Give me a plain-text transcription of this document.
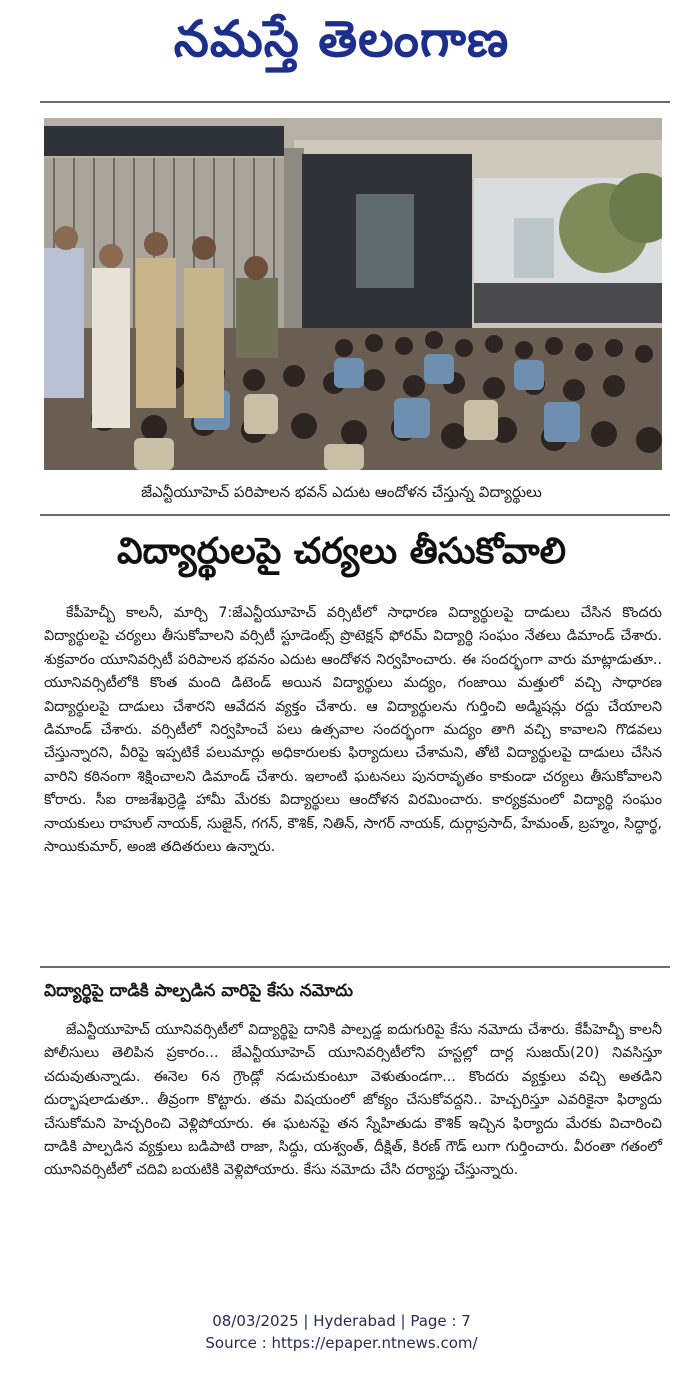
నమస్తే తెలంగాణ
జేఎన్టీయూహెచ్ పరిపాలన భవన్ ఎదుట ఆందోళన చేస్తున్న విద్యార్థులు
విద్యార్థులపై చర్యలు తీసుకోవాలి

కేపీహెచ్బీ కాలనీ, మార్చి 7:జేఎన్టీయూహెచ్ వర్సిటీలో సాధారణ విద్యార్థులపై దాడులు చేసిన కొందరు విద్యార్థులపై చర్యలు తీసుకోవాలని వర్సిటీ స్టూడెంట్స్ ప్రొటెక్షన్ ఫోరమ్ విద్యార్థి సంఘం నేతలు డిమాండ్ చేశారు. శుక్రవారం యూనివర్సిటీ పరిపాలన భవనం ఎదుట ఆందోళన నిర్వహించారు. ఈ సందర్భంగా వారు మాట్లాడుతూ.. యూనివర్సిటీలోకి కొంత మంది డిటెండ్ అయిన విద్యార్థులు మద్యం, గంజాయి మత్తులో వచ్చి సాధారణ విద్యార్థులపై దాడులు చేశారని ఆవేదన వ్యక్తం చేశారు. ఆ విద్యార్థులను గుర్తించి అడ్మిషన్లు రద్దు చేయాలని డిమాండ్ చేశారు. వర్సిటీలో నిర్వహించే పలు ఉత్సవాల సందర్భంగా మద్యం తాగి వచ్చి కావాలని గొడవలు చేస్తున్నారని, వీరిపై ఇప్పటికే పలుమార్లు అధికారులకు ఫిర్యాదులు చేశామని, తోటి విద్యార్థులపై దాడులు చేసిన వారిని కఠినంగా శిక్షించాలని డిమాండ్ చేశారు. ఇలాంటి ఘటనలు పునరావృతం కాకుండా చర్యలు తీసుకోవాలని కోరారు. సీఐ రాజశేఖర్రెడ్డి హామీ మేరకు విద్యార్థులు ఆందోళన విరమించారు. కార్యక్రమంలో విద్యార్థి సంఘం నాయకులు రాహుల్ నాయక్, సుజైన్, గగన్, కౌశిక్, నితిన్, సాగర్ నాయక్, దుర్గాప్రసాద్, హేమంత్, బ్రహ్మం, సిద్ధార్థ, సాయికుమార్, అంజి తదితరులు ఉన్నారు.

విద్యార్థిపై దాడికి పాల్పడిన వారిపై కేసు నమోదు

జేఎన్టీయూహెచ్ యూనివర్సిటీలో విద్యార్థిపై దానికి పాల్పడ్డ ఐదుగురిపై కేసు నమోదు చేశారు. కేపీహెచ్బీ కాలనీ పోలీసులు తెలిపిన ప్రకారం... జేఎన్టీయూహెచ్ యూనివర్సిటీలోని హస్టల్లో దార్ల సుజయ్(20) నివసిస్తూ చదువుతున్నాడు. ఈనెల 6న గ్రౌండ్లో నడుచుకుంటూ వెళుతుండగా... కొందరు వ్యక్తులు వచ్చి అతడిని దుర్భాషలాడుతూ.. తీవ్రంగా కొట్టారు. తమ విషయంలో జోక్యం చేసుకోవద్దని.. హెచ్చరిస్తూ ఎవరికైనా ఫిర్యాదు చేసుకోమని హెచ్చరించి వెళ్లిపోయారు. ఈ ఘటనపై తన స్నేహితుడు కౌశిక్ ఇచ్చిన ఫిర్యాదు మేరకు విచారించి దాడికి పాల్పడిన వ్యక్తులు బడిపాటి రాజా, సిద్ధు, యశ్వంత్, దీక్షిత్, కిరణ్ గౌడ్ లుగా గుర్తించారు. వీరంతా గతంలో యూనివర్సిటీలో చదివి బయటికి వెళ్లిపోయారు. కేసు నమోదు చేసి దర్యాప్తు చేస్తున్నారు.

08/03/2025 | Hyderabad | Page : 7
Source : https://epaper.ntnews.com/
